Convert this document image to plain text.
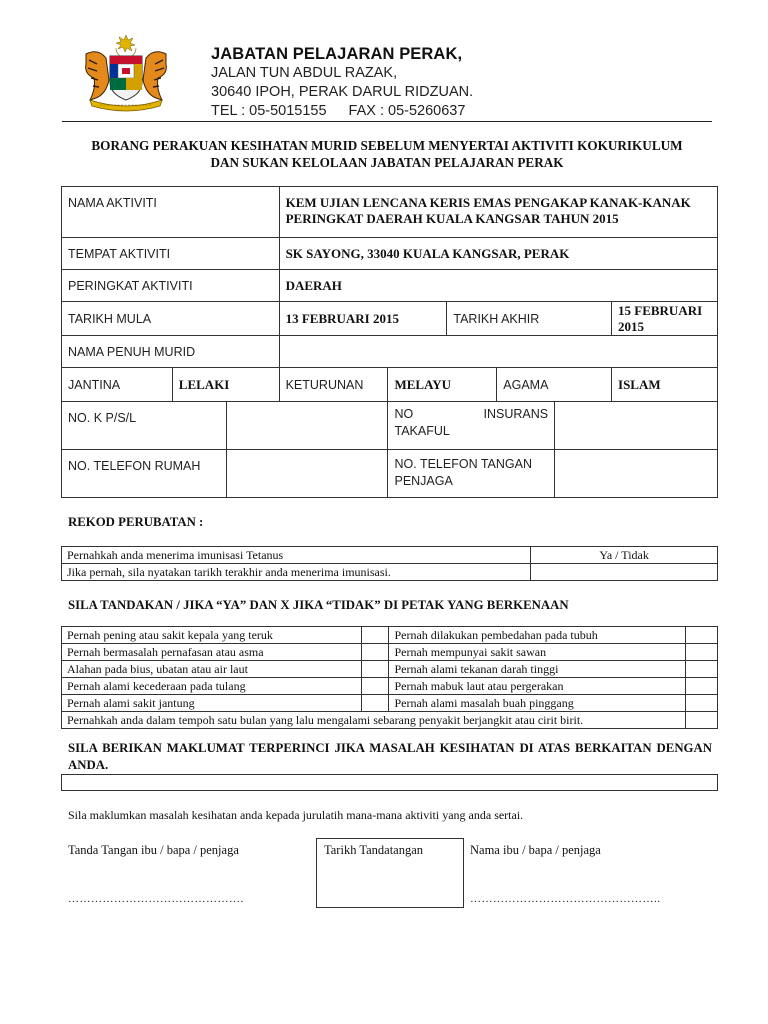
JABATAN PELAJARAN PERAK,
JALAN TUN ABDUL RAZAK,
30640 IPOH, PERAK DARUL RIDZUAN.
TEL : 05-5015155 FAX : 05-5260637
BORANG PERAKUAN KESIHATAN MURID SEBELUM MENYERTAI AKTIVITI KOKURIKULUM
DAN SUKAN KELOLAAN JABATAN PELAJARAN PERAK
NAMA AKTIVITI			KEM UJIAN LENCANA KERIS EMAS PENGAKAP KANAK-KANAK
PERINGKAT DAERAH KUALA KANGSAR TAHUN 2015					

TEMPAT AKTIVITI			SK SAYONG, 33040 KUALA KANGSAR, PERAK					
PERINGKAT AKTIVITI			DAERAH					
TARIKH MULA			13 FEBRUARI 2015		TARIKH AKHIR			15 FEBRUARI 2015
NAMA PENUH MURID								
JANTINA	LELAKI		KETURUNAN	MELAYU		AGAMA		ISLAM
NO. K P/S/L				NO INSURANS
TAKAFUL				

NO. TELEFON RUMAH				NO. TELEFON TANGAN
PENJAGA				

REKOD PERUBATAN :
Pernahkah anda menerima imunisasi Tetanus	Ya / Tidak
Jika pernah, sila nyatakan tarikh terakhir anda menerima imunisasi.	
SILA TANDAKAN / JIKA “YA” DAN X JIKA “TIDAK” DI PETAK YANG BERKENAAN
Pernah pening atau sakit kepala yang teruk		Pernah dilakukan pembedahan pada tubuh	
Pernah bermasalah pernafasan atau asma		Pernah mempunyai sakit sawan	
Alahan pada bius, ubatan atau air laut		Pernah alami tekanan darah tinggi	
Pernah alami kecederaan pada tulang		Pernah mabuk laut atau pergerakan	
Pernah alami sakit jantung		Pernah alami masalah buah pinggang	
Pernahkah anda dalam tempoh satu bulan yang lalu mengalami sebarang penyakit berjangkit atau cirit birit.			
SILA BERIKAN MAKLUMAT TERPERINCI JIKA MASALAH KESIHATAN DI ATAS BERKAITAN DENGAN ANDA.
Sila maklumkan masalah kesihatan anda kepada jurulatih mana-mana aktiviti yang anda sertai.
Tanda Tangan ibu / bapa / penjaga	Tarikh Tandatangan	Nama ibu / bapa / penjaga
……………………………………….	…………………………………………..
